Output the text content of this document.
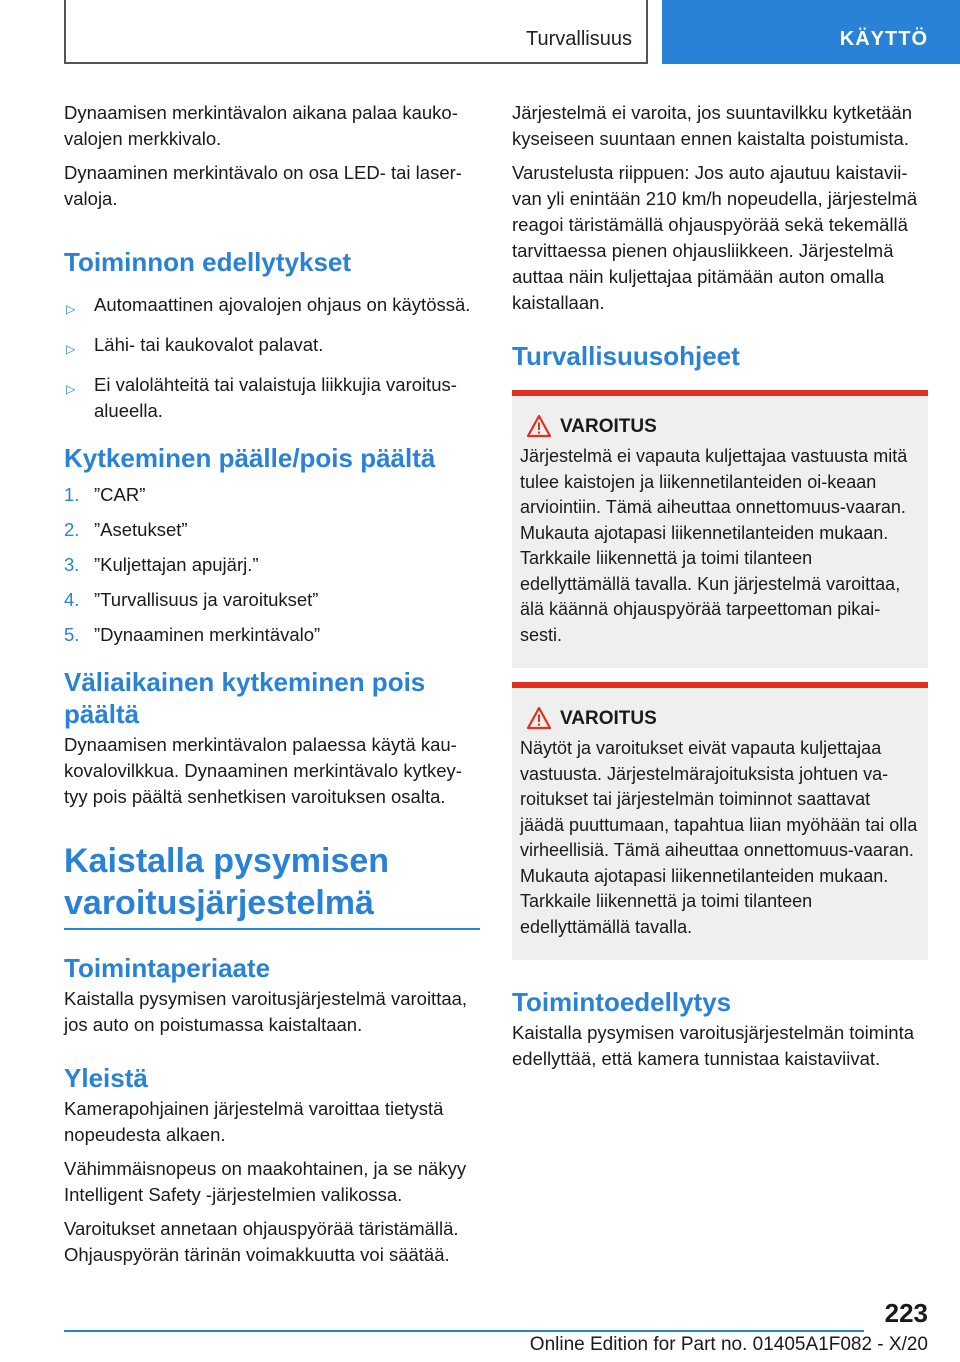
Turvallisuus	KÄYTTÖ

Dynaamisen merkintävalon aikana palaa kauko-valojen merkkivalo.

Dynaaminen merkintävalo on osa LED- tai laser-valoja.

Toiminnon edellytykset
▷ Automaattinen ajovalojen ohjaus on käytössä.
▷ Lähi- tai kaukovalot palavat.
▷ Ei valolähteitä tai valaistuja liikkujia varoitus-alueella.
Kytkeminen päälle/pois päältä
1. ”CAR”
2. ”Asetukset”
3. ”Kuljettajan apujärj.”
4. ”Turvallisuus ja varoitukset”
5. ”Dynaaminen merkintävalo”
Väliaikainen kytkeminen pois päältä

Dynaamisen merkintävalon palaessa käytä kau-kovalovilkkua. Dynaaminen merkintävalo kytkey-tyy pois päältä senhetkisen varoituksen osalta.

Kaistalla pysymisen varoitusjärjestelmä
Toimintaperiaate

Kaistalla pysymisen varoitusjärjestelmä varoittaa, jos auto on poistumassa kaistaltaan.

Yleistä

Kamerapohjainen järjestelmä varoittaa tietystä nopeudesta alkaen.

Vähimmäisnopeus on maakohtainen, ja se näkyy Intelligent Safety -järjestelmien valikossa.

Varoitukset annetaan ohjauspyörää täristämällä. Ohjauspyörän tärinän voimakkuutta voi säätää.

Järjestelmä ei varoita, jos suuntavilkku kytketään kyseiseen suuntaan ennen kaistalta poistumista.

Varustelusta riippuen: Jos auto ajautuu kaistavii-van yli enintään 210 km/h nopeudella, järjestelmä reagoi täristämällä ohjauspyörää sekä tekemällä tarvittaessa pienen ohjausliikkeen. Järjestelmä auttaa näin kuljettajaa pitämään auton omalla kaistallaan.

Turvallisuusohjeet
VAROITUS

Järjestelmä ei vapauta kuljettajaa vastuusta mitä tulee kaistojen ja liikennetilanteiden oi-keaan arviointiin. Tämä aiheuttaa onnettomuus-vaaran. Mukauta ajotapasi liikennetilanteiden mukaan. Tarkkaile liikennettä ja toimi tilanteen edellyttämällä tavalla. Kun järjestelmä varoittaa, älä käännä ohjauspyörää tarpeettoman pikai-sesti.

VAROITUS

Näytöt ja varoitukset eivät vapauta kuljettajaa vastuusta. Järjestelmärajoituksista johtuen va-roitukset tai järjestelmän toiminnot saattavat jäädä puuttumaan, tapahtua liian myöhään tai olla virheellisiä. Tämä aiheuttaa onnettomuus-vaaran. Mukauta ajotapasi liikennetilanteiden mukaan. Tarkkaile liikennettä ja toimi tilanteen edellyttämällä tavalla.

Toimintoedellytys

Kaistalla pysymisen varoitusjärjestelmän toiminta edellyttää, että kamera tunnistaa kaistaviivat.

223
Online Edition for Part no. 01405A1F082 - X/20
